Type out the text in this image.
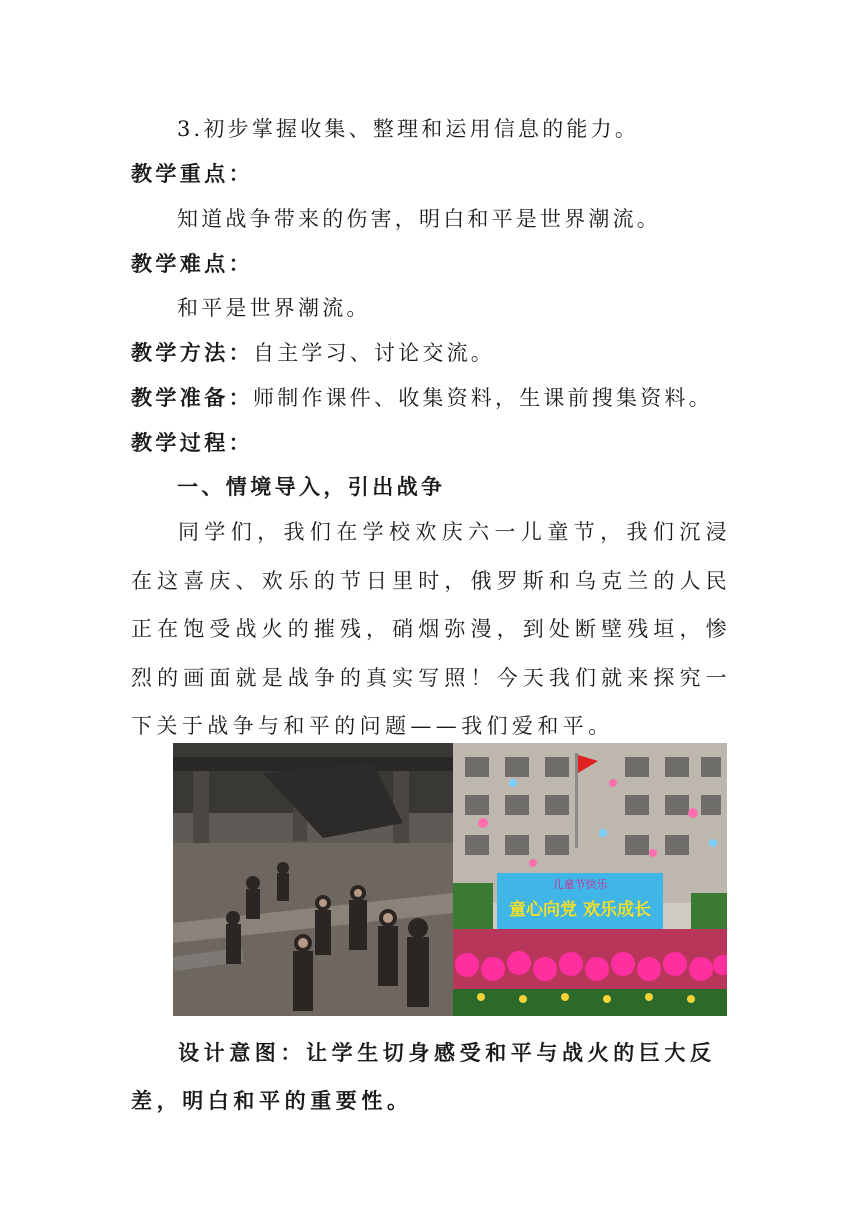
3.初步掌握收集、整理和运用信息的能力。
教学重点：
知道战争带来的伤害，明白和平是世界潮流。
教学难点：
和平是世界潮流。
教学方法：自主学习、讨论交流。
教学准备：师制作课件、收集资料，生课前搜集资料。
教学过程：
一、情境导入，引出战争

同学们，我们在学校欢庆六一儿童节，我们沉浸在这喜庆、欢乐的节日里时，俄罗斯和乌克兰的人民正在饱受战火的摧残，硝烟弥漫，到处断壁残垣，惨烈的画面就是战争的真实写照！今天我们就来探究一下关于战争与和平的问题——我们爱和平。

儿童节快乐
童心向党 欢乐成长

设计意图：让学生切身感受和平与战火的巨大反差，明白和平的重要性。
